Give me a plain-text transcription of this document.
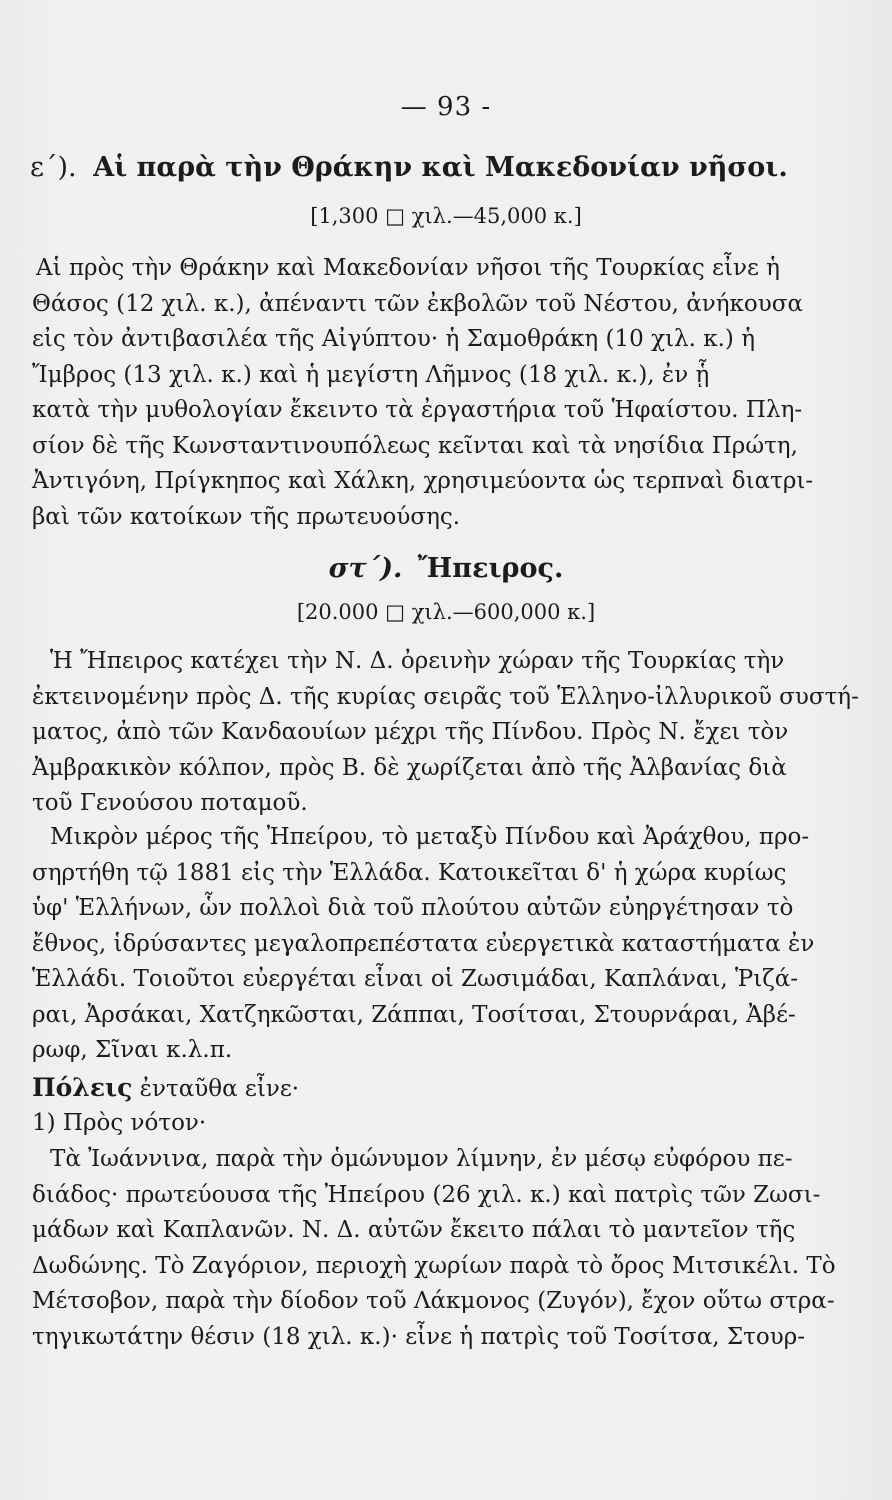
— 93 -
ε΄). Αἱ παρὰ τὴν Θράκην καὶ Μακεδονίαν νῆσοι.
[1,300 □ χιλ.—45,000 κ.]
Αἱ πρὸς τὴν Θράκην καὶ Μακεδονίαν νῆσοι τῆς Τουρκίας εἶνε ἡ
Θάσος (12 χιλ. κ.), ἀπέναντι τῶν ἐκβολῶν τοῦ Νέστου, ἀνήκουσα
εἰς τὸν ἀντιβασιλέα τῆς Αἰγύπτου· ἡ Σαμοθράκη (10 χιλ. κ.) ἡ
Ἴμβρος (13 χιλ. κ.) καὶ ἡ μεγίστη Λῆμνος (18 χιλ. κ.), ἐν ᾗ
κατὰ τὴν μυθολογίαν ἔκειντο τὰ ἐργαστήρια τοῦ Ἡφαίστου. Πλη-
σίον δὲ τῆς Κωνσταντινουπόλεως κεῖνται καὶ τὰ νησίδια Πρώτη,
Ἀντιγόνη, Πρίγκηπος καὶ Χάλκη, χρησιμεύοντα ὡς τερπναὶ διατρι-
βαὶ τῶν κατοίκων τῆς πρωτευούσης.
στ΄). Ἤπειρος.
[20.000 □ χιλ.—600,000 κ.]
Ἡ Ἤπειρος κατέχει τὴν Ν. Δ. ὀρεινὴν χώραν τῆς Τουρκίας τὴν
ἐκτεινομένην πρὸς Δ. τῆς κυρίας σειρᾶς τοῦ Ἑλληνο-ἰλλυρικοῦ συστή-
ματος, ἀπὸ τῶν Κανδαουίων μέχρι τῆς Πίνδου. Πρὸς Ν. ἔχει τὸν
Ἀμβρακικὸν κόλπον, πρὸς Β. δὲ χωρίζεται ἀπὸ τῆς Ἀλβανίας διὰ
τοῦ Γενούσου ποταμοῦ.
Μικρὸν μέρος τῆς Ἠπείρου, τὸ μεταξὺ Πίνδου καὶ Ἀράχθου, προ-
σηρτήθη τῷ 1881 εἰς τὴν Ἑλλάδα. Κατοικεῖται δ' ἡ χώρα κυρίως
ὑφ' Ἑλλήνων, ὧν πολλοὶ διὰ τοῦ πλούτου αὐτῶν εὐηργέτησαν τὸ
ἔθνος, ἱδρύσαντες μεγαλοπρεπέστατα εὐεργετικὰ καταστήματα ἐν
Ἑλλάδι. Τοιοῦτοι εὐεργέται εἶναι οἱ Ζωσιμάδαι, Καπλάναι, Ῥιζά-
ραι, Ἀρσάκαι, Χατζηκῶσται, Ζάππαι, Τοσίτσαι, Στουρνάραι, Ἀβέ-
ρωφ, Σῖναι κ.λ.π.
Πόλεις ἐνταῦθα εἶνε·
1) Πρὸς νότον·
Τὰ Ἰωάννινα, παρὰ τὴν ὁμώνυμον λίμνην, ἐν μέσῳ εὐφόρου πε-
διάδος· πρωτεύουσα τῆς Ἠπείρου (26 χιλ. κ.) καὶ πατρὶς τῶν Ζωσι-
μάδων καὶ Καπλανῶν. Ν. Δ. αὐτῶν ἔκειτο πάλαι τὸ μαντεῖον τῆς
Δωδώνης. Τὸ Ζαγόριον, περιοχὴ χωρίων παρὰ τὸ ὄρος Μιτσικέλι. Τὸ
Μέτσοβον, παρὰ τὴν δίοδον τοῦ Λάκμονος (Ζυγόν), ἔχον οὕτω στρα-
τηγικωτάτην θέσιν (18 χιλ. κ.)· εἶνε ἡ πατρὶς τοῦ Τοσίτσα, Στουρ-
